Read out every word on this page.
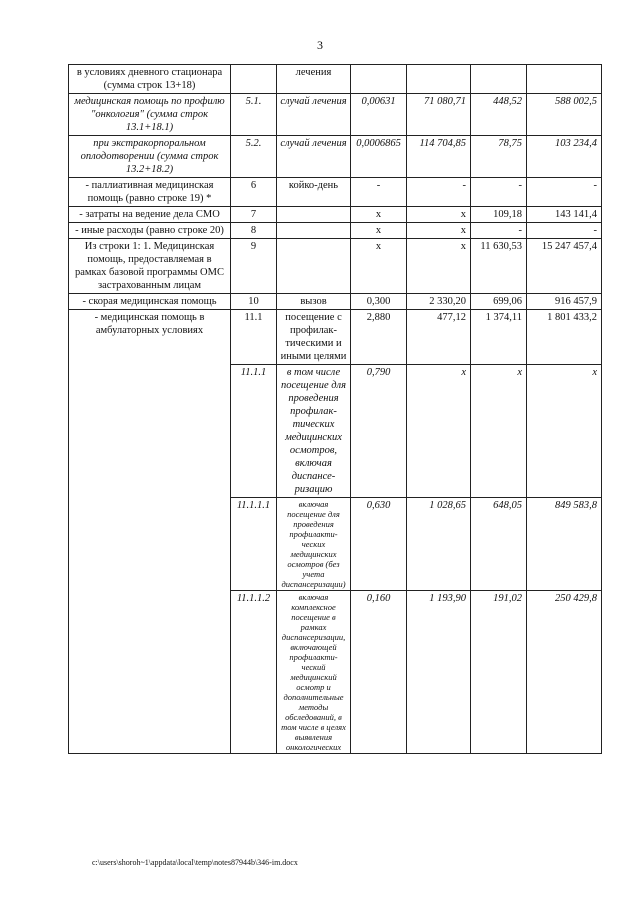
3
в условиях дневного стационара (сумма строк 13+18)		лечения				
медицинская помощь по профилю "онкология" (сумма строк 13.1+18.1)	5.1.	случай лечения	0,00631	71 080,71	448,52	588 002,5
при экстракорпоральном оплодотворении (сумма строк 13.2+18.2)	5.2.	случай лечения	0,0006865	114 704,85	78,75	103 234,4
- паллиативная медицинская помощь (равно строке 19) *	6	койко-день	-	-	-	-
- затраты на ведение дела СМО	7		x	x	109,18	143 141,4
- иные расходы (равно строке 20)	8		x	x	-	-
Из строки 1: 1. Медицинская помощь, предоставляемая в рамках базовой программы ОМС застрахованным лицам	9		x	x	11 630,53	15 247 457,4
- скорая медицинская помощь	10	вызов	0,300	2 330,20	699,06	916 457,9
- медицинская помощь в амбулаторных условиях	11.1	посещение с профилак-тическими и иными целями	2,880	477,12	1 374,11	1 801 433,2
	11.1.1	в том числе посещение для проведения профилак-тических медицинских осмотров, включая диспансе-ризацию	0,790	x	x	x
	11.1.1.1	включая посещение для проведения профилакти-ческих медицинских осмотров (без учета диспансеризации)	0,630	1 028,65	648,05	849 583,8
	11.1.1.2	включая комплексное посещение в рамках диспансеризации, включающей профилакти-ческий медицинский осмотр и дополнительные методы обследований, в том числе в целях выявления онкологических	0,160	1 193,90	191,02	250 429,8
c:\users\shoroh~1\appdata\local\temp\notes87944b\346-im.docx
